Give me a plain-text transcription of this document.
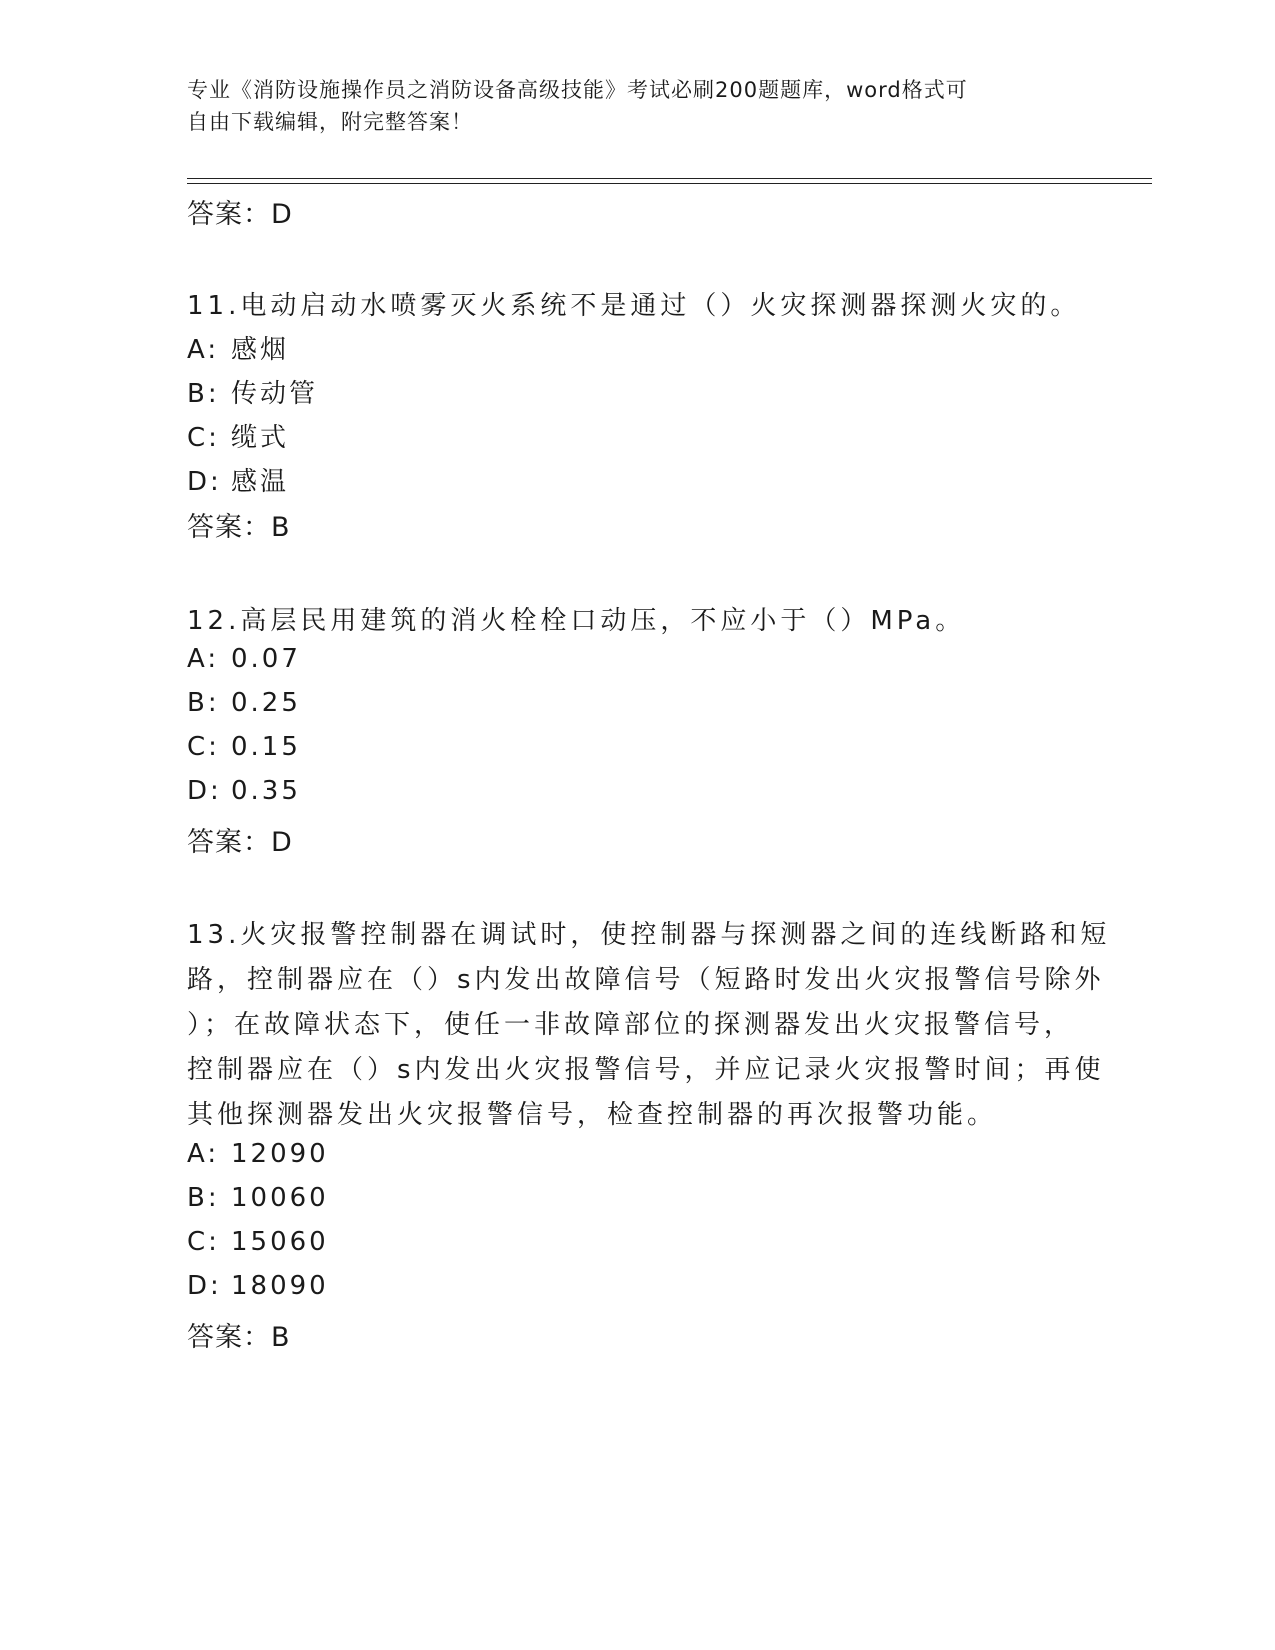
专业《消防设施操作员之消防设备高级技能》考试必刷200题题库，word格式可
自由下载编辑，附完整答案！
答案：D
11.电动启动水喷雾灭火系统不是通过（）火灾探测器探测火灾的。
A: 感烟
B: 传动管
C: 缆式
D: 感温
答案：B
12.高层民用建筑的消火栓栓口动压，不应小于（）MPa。
A: 0.07
B: 0.25
C: 0.15
D: 0.35
答案：D
13.火灾报警控制器在调试时，使控制器与探测器之间的连线断路和短
路，控制器应在（）s内发出故障信号（短路时发出火灾报警信号除外
）；在故障状态下，使任一非故障部位的探测器发出火灾报警信号，
控制器应在（）s内发出火灾报警信号，并应记录火灾报警时间；再使
其他探测器发出火灾报警信号，检查控制器的再次报警功能。
A: 12090
B: 10060
C: 15060
D: 18090
答案：B
